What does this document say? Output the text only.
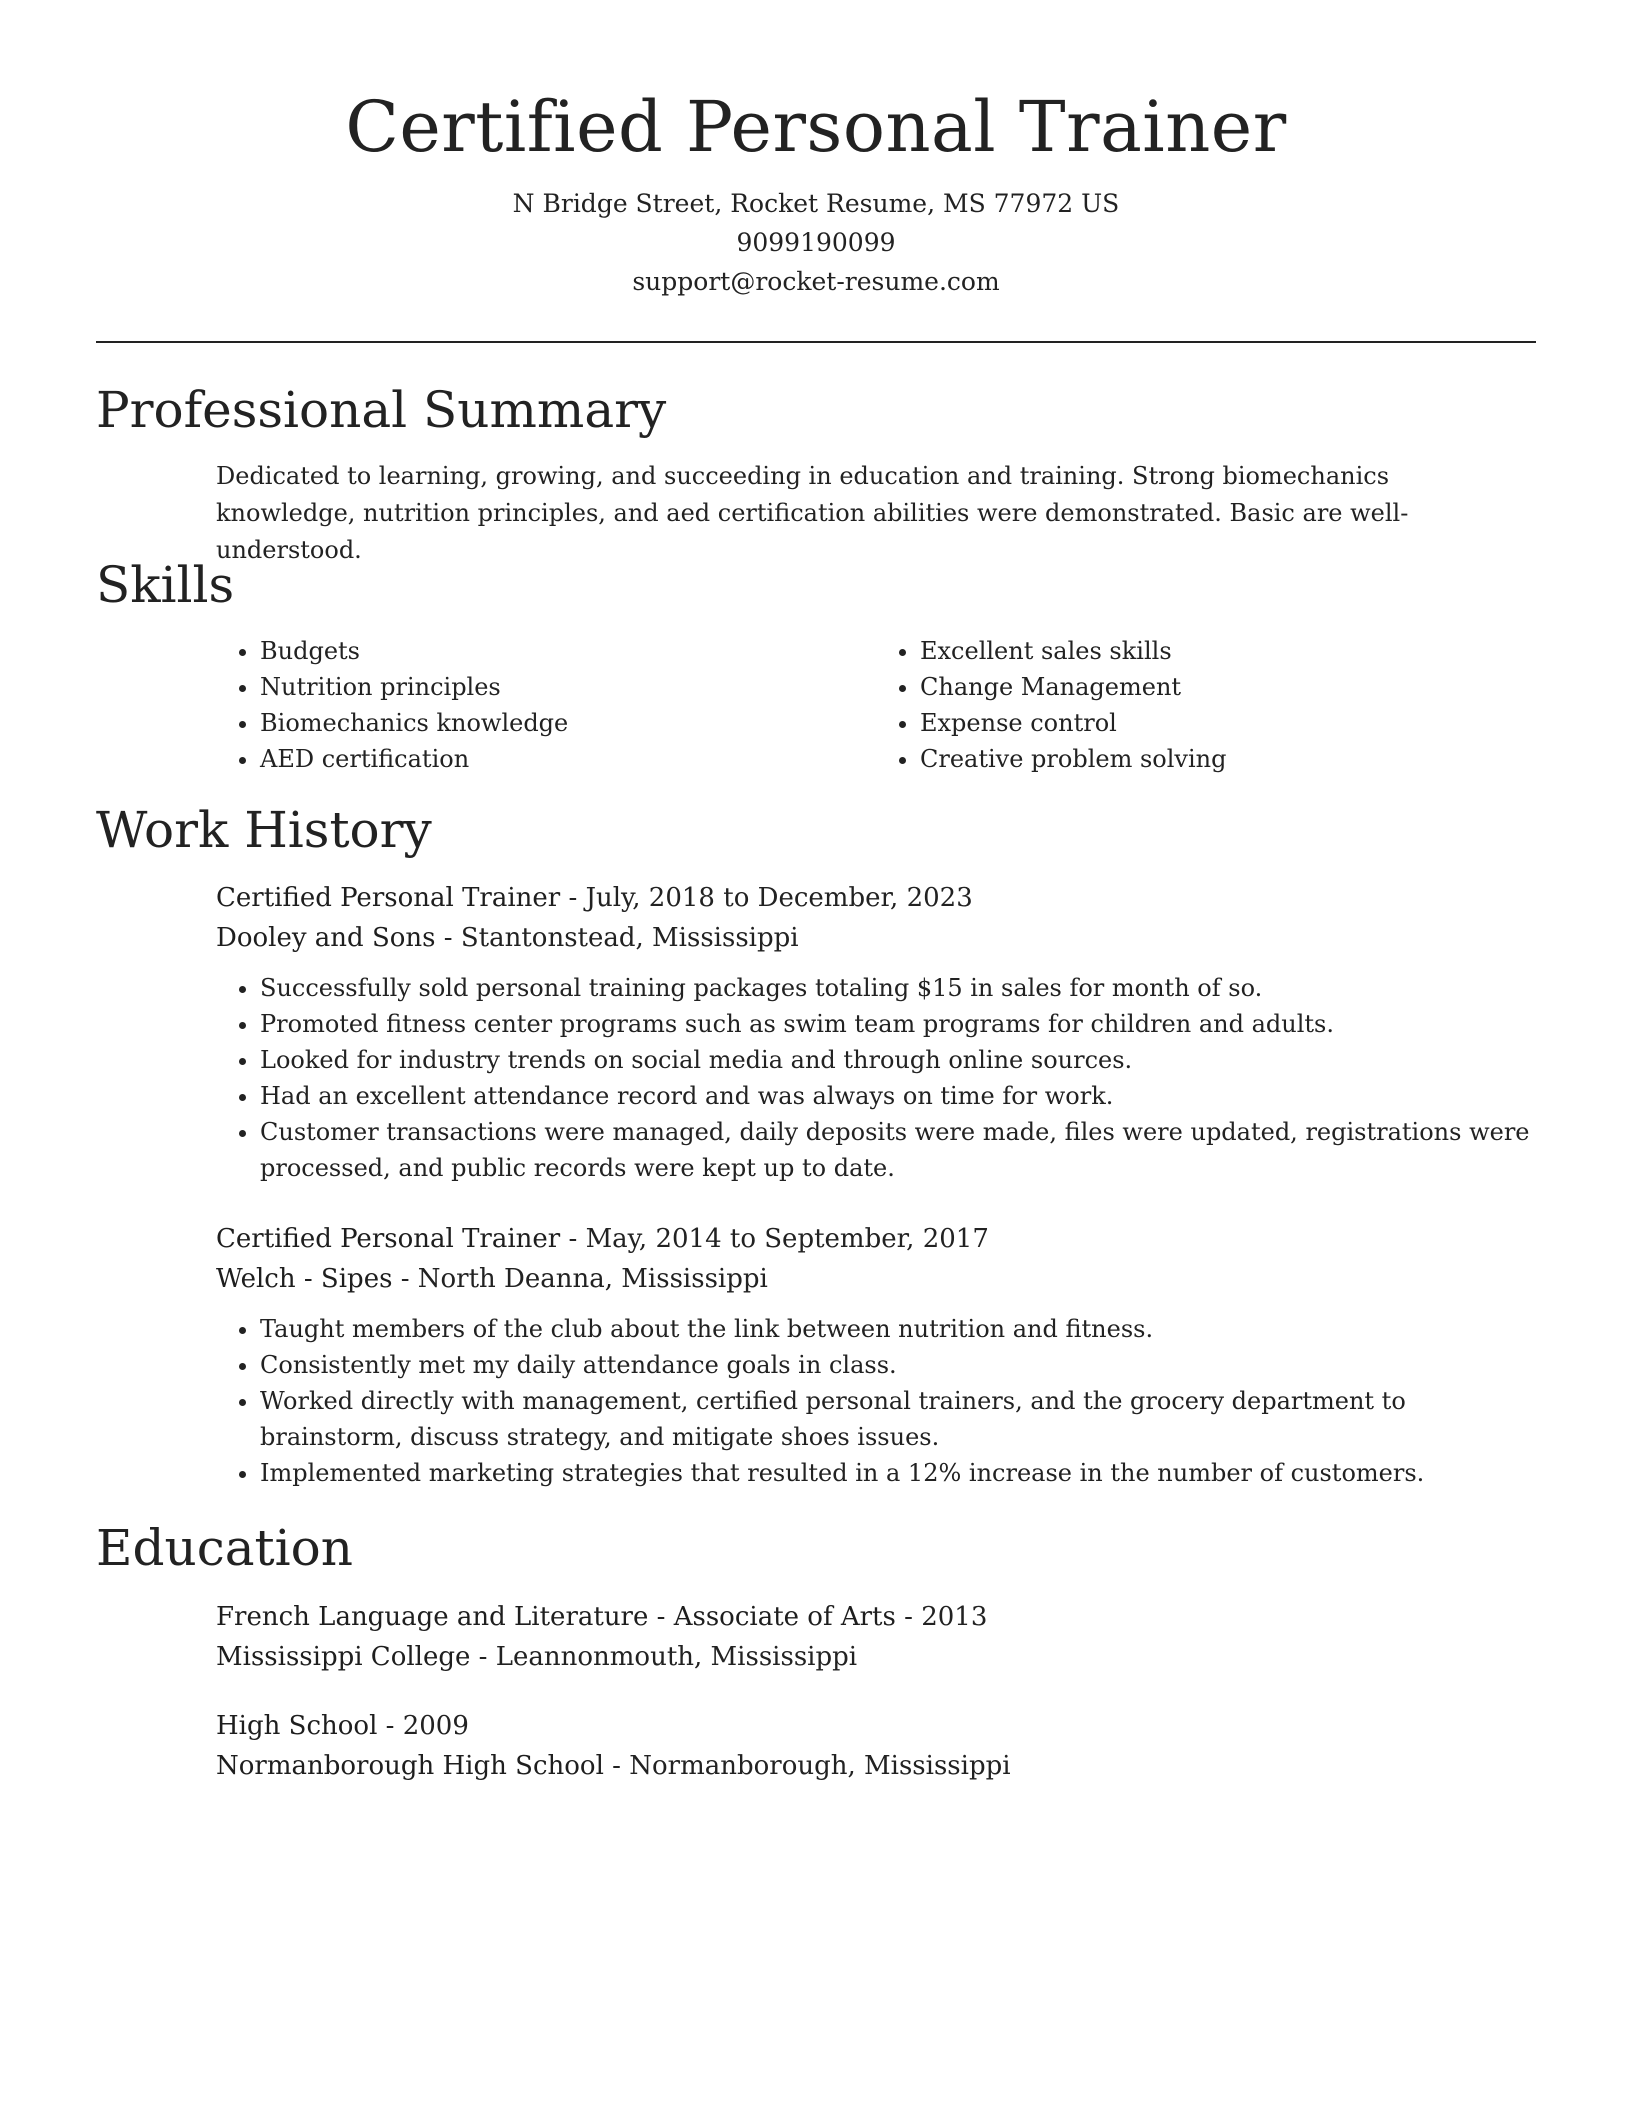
Certified Personal Trainer
N Bridge Street, Rocket Resume, MS 77972 US
9099190099
support@rocket-resume.com
Professional Summary
Dedicated to learning, growing, and succeeding in education and training. Strong biomechanics knowledge, nutrition principles, and aed certification abilities were demonstrated. Basic are well-understood.
Skills
• Budgets
• Nutrition principles
• Biomechanics knowledge
• AED certification
• Excellent sales skills
• Change Management
• Expense control
• Creative problem solving
Work History
Certified Personal Trainer - July, 2018 to December, 2023
Dooley and Sons - Stantonstead, Mississippi
• Successfully sold personal training packages totaling $15 in sales for month of so.
• Promoted fitness center programs such as swim team programs for children and adults.
• Looked for industry trends on social media and through online sources.
• Had an excellent attendance record and was always on time for work.
• Customer transactions were managed, daily deposits were made, files were updated, registrations were processed, and public records were kept up to date.
Certified Personal Trainer - May, 2014 to September, 2017
Welch - Sipes - North Deanna, Mississippi
• Taught members of the club about the link between nutrition and fitness.
• Consistently met my daily attendance goals in class.
• Worked directly with management, certified personal trainers, and the grocery department to brainstorm, discuss strategy, and mitigate shoes issues.
• Implemented marketing strategies that resulted in a 12% increase in the number of customers.
Education
French Language and Literature - Associate of Arts - 2013
Mississippi College - Leannonmouth, Mississippi
High School - 2009
Normanborough High School - Normanborough, Mississippi
